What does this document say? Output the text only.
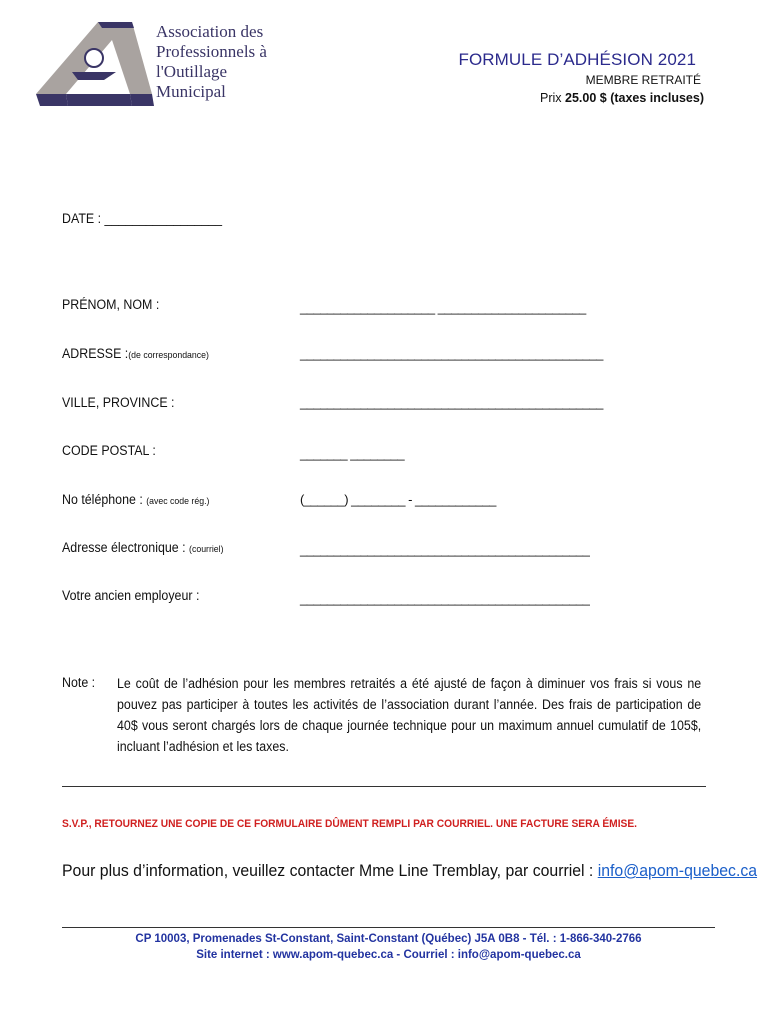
Association des
Professionnels à
l'Outillage
Municipal
FORMULE D’ADHÉSION 2021
MEMBRE RETRAITÉ
Prix 25.00 $ (taxes incluses)
DATE : _________________
PRÉNOM, NOM :	____________________ ______________________
ADRESSE :(de correspondance)	_____________________________________________
VILLE, PROVINCE :	_____________________________________________
CODE POSTAL :	_______ ________
No téléphone : (avec code rég.)	(______) ________ - ____________
Adresse électronique : (courriel)	___________________________________________
Votre ancien employeur :	___________________________________________
Note : Le coût de l’adhésion pour les membres retraités a été ajusté de façon à diminuer vos frais si vous ne pouvez pas participer à toutes les activités de l’association durant l’année. Des frais de participation de 40$ vous seront chargés lors de chaque journée technique pour un maximum annuel cumulatif de 105$, incluant l’adhésion et les taxes.
S.V.P., RETOURNEZ UNE COPIE DE CE FORMULAIRE DÛMENT REMPLI PAR COURRIEL. UNE FACTURE SERA ÉMISE.
Pour plus d’information, veuillez contacter Mme Line Tremblay, par courriel : info@apom-quebec.ca
CP 10003, Promenades St-Constant, Saint-Constant (Québec) J5A 0B8 - Tél. : 1-866-340-2766
Site internet : www.apom-quebec.ca - Courriel : info@apom-quebec.ca
